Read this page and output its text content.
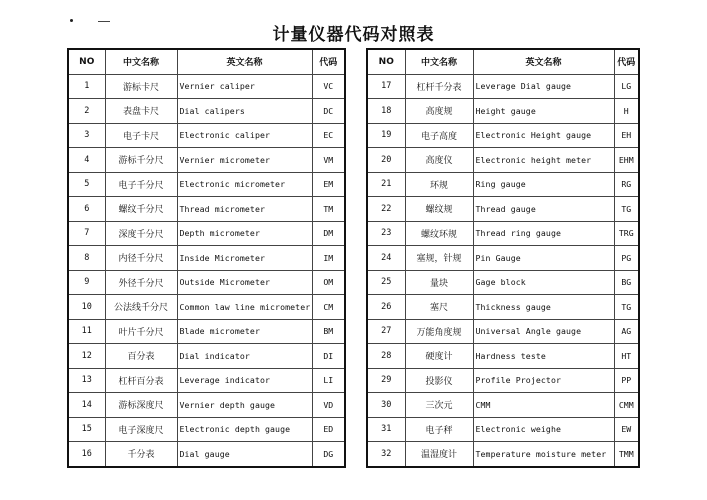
计量仪器代码对照表
NO	中文名称	英文名称	代码
1	游标卡尺	Vernier caliper	VC
2	表盘卡尺	Dial calipers	DC
3	电子卡尺	Electronic caliper	EC
4	游标千分尺	Vernier micrometer	VM
5	电子千分尺	Electronic micrometer	EM
6	螺纹千分尺	Thread micrometer	TM
7	深度千分尺	Depth micrometer	DM
8	内径千分尺	Inside Micrometer	IM
9	外径千分尺	Outside Micrometer	OM
10	公法线千分尺	Common law line micrometer	CM
11	叶片千分尺	Blade micrometer	BM
12	百分表	Dial indicator	DI
13	杠杆百分表	Leverage indicator	LI
14	游标深度尺	Vernier depth gauge	VD
15	电子深度尺	Electronic depth gauge	ED
16	千分表	Dial gauge	DG
NO	中文名称	英文名称	代码
17	杠杆千分表	Leverage Dial gauge	LG
18	高度规	Height gauge	H
19	电子高度	Electronic Height gauge	EH
20	高度仪	Electronic height meter	EHM
21	环规	Ring gauge	RG
22	螺纹规	Thread gauge	TG
23	螺纹环规	Thread ring gauge	TRG
24	塞规，针规	Pin Gauge	PG
25	量块	Gage block	BG
26	塞尺	Thickness gauge	TG
27	万能角度规	Universal Angle gauge	AG
28	硬度计	Hardness teste	HT
29	投影仪	Profile Projector	PP
30	三次元	CMM	CMM
31	电子秤	Electronic weighe	EW
32	温湿度计	Temperature moisture meter	TMM
